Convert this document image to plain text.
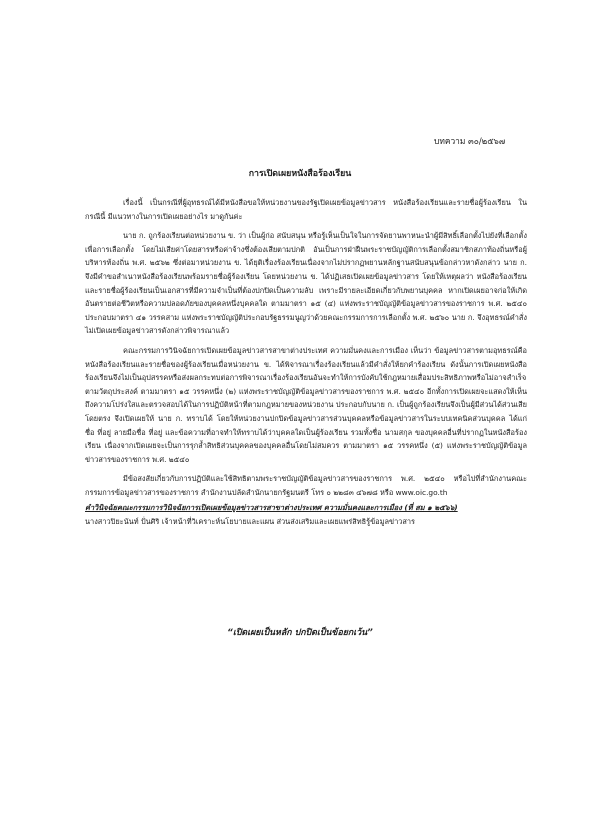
บทความ ๓๐/๒๕๖๗
การเปิดเผยหนังสือร้องเรียน

เรื่องนี้ เป็นกรณีที่ผู้อุทธรณ์ได้มีหนังสือขอให้หน่วยงานของรัฐเปิดเผยข้อมูลข่าวสาร หนังสือร้องเรียนและรายชื่อผู้ร้องเรียน ในกรณีนี้ มีแนวทางในการเปิดเผยอย่างไร มาดูกันค่ะ

นาย ก. ถูกร้องเรียนต่อหน่วยงาน ข. ว่า เป็นผู้ก่อ สนับสนุน หรือรู้เห็นเป็นใจในการจัดยานพาหนะนำผู้มีสิทธิ์เลือกตั้งไปยังที่เลือกตั้ง เพื่อการเลือกตั้ง โดยไม่เสียค่าโดยสารหรือค่าจ้างซึ่งต้องเสียตามปกติ อันเป็นการฝ่าฝืนพระราชบัญญัติการเลือกตั้งสมาชิกสภาท้องถิ่นหรือผู้บริหารท้องถิ่น พ.ศ. ๒๕๖๒ ซึ่งต่อมาหน่วยงาน ข. ได้ยุติเรื่องร้องเรียนเนื่องจากไม่ปรากฏพยานหลักฐานสนับสนุนข้อกล่าวหาดังกล่าว นาย ก. จึงมีคำขอสำเนาหนังสือร้องเรียนพร้อมรายชื่อผู้ร้องเรียน โดยหน่วยงาน ข. ได้ปฏิเสธเปิดเผยข้อมูลข่าวสาร โดยให้เหตุผลว่า หนังสือร้องเรียนและรายชื่อผู้ร้องเรียนเป็นเอกสารที่มีความจำเป็นที่ต้องปกปิดเป็นความลับ เพราะมีรายละเอียดเกี่ยวกับพยานบุคคล หากเปิดเผยอาจก่อให้เกิดอันตรายต่อชีวิตหรือความปลอดภัยของบุคคลหนึ่งบุคคลใด ตามมาตรา ๑๕ (๔) แห่งพระราชบัญญัติข้อมูลข่าวสารของราชการ พ.ศ. ๒๕๔๐ ประกอบมาตรา ๔๑ วรรคสาม แห่งพระราชบัญญัติประกอบรัฐธรรมนูญว่าด้วยคณะกรรมการการเลือกตั้ง พ.ศ. ๒๕๖๐ นาย ก. จึงอุทธรณ์คำสั่งไม่เปิดเผยข้อมูลข่าวสารดังกล่าวพิจารณาแล้ว

คณะกรรมการวินิจฉัยการเปิดเผยข้อมูลข่าวสารสาขาต่างประเทศ ความมั่นคงและการเมือง เห็นว่า ข้อมูลข่าวสารตามอุทธรณ์คือ หนังสือร้องเรียนและรายชื่อของผู้ร้องเรียนเมื่อหน่วยงาน ข. ได้พิจารณาเรื่องร้องเรียนแล้วมีคำสั่งให้ยกคำร้องเรียน ดังนั้นการเปิดเผยหนังสือร้องเรียนจึงไม่เป็นอุปสรรคหรือส่งผลกระทบต่อการพิจารณาเรื่องร้องเรียนอันจะทำให้การบังคับใช้กฎหมายเสื่อมประสิทธิภาพหรือไม่อาจสำเร็จตามวัตถุประสงค์ ตามมาตรา ๑๕ วรรคหนึ่ง (๒) แห่งพระราชบัญญัติข้อมูลข่าวสารของราชการ พ.ศ. ๒๕๔๐ อีกทั้งการเปิดเผยจะแสดงให้เห็นถึงความโปร่งใสและตรวจสอบได้ในการปฏิบัติหน้าที่ตามกฎหมายของหน่วยงาน ประกอบกับนาย ก. เป็นผู้ถูกร้องเรียนจึงเป็นผู้มีส่วนได้ส่วนเสียโดยตรง จึงเปิดเผยให้ นาย ก. ทราบได้ โดยให้หน่วยงานปกปิดข้อมูลข่าวสารส่วนบุคคลหรือข้อมูลข่าวสารในระบบเทคนิคส่วนบุคคล ได้แก่ ชื่อ ที่อยู่ ลายมือชื่อ ที่อยู่ และข้อความที่อาจทำให้ทราบได้ว่าบุคคลใดเป็นผู้ร้องเรียน รวมทั้งชื่อ นามสกุล ของบุคคลอื่นที่ปรากฏในหนังสือร้องเรียน เนื่องจากเปิดเผยจะเป็นการรุกล้ำสิทธิส่วนบุคคลของบุคคลอื่นโดยไม่สมควร ตามมาตรา ๑๕ วรรคหนึ่ง (๕) แห่งพระราชบัญญัติข้อมูลข่าวสารของราชการ พ.ศ. ๒๕๔๐

มีข้อสงสัยเกี่ยวกับการปฏิบัติและใช้สิทธิตามพระราชบัญญัติข้อมูลข่าวสารของราชการ พ.ศ. ๒๕๔๐ หรือไปที่สำนักงานคณะกรรมการข้อมูลข่าวสารของราชการ สำนักงานปลัดสำนักนายกรัฐมนตรี โทร ๐ ๒๒๘๓ ๔๖๗๘ หรือ www.oic.go.th

คำวินิจฉัยคณะกรรมการวินิจฉัยการเปิดเผยข้อมูลข่าวสารสาขาต่างประเทศ ความมั่นคงและการเมือง (ที่ สม ๑ ๒๕๖๖)

นางสาวปิยะนันท์ ปั่นศิริ เจ้าหน้าที่วิเคราะห์นโยบายและแผน ส่วนส่งเสริมและเผยแพร่สิทธิรู้ข้อมูลข่าวสาร

“เปิดเผยเป็นหลัก ปกปิดเป็นข้อยกเว้น”
